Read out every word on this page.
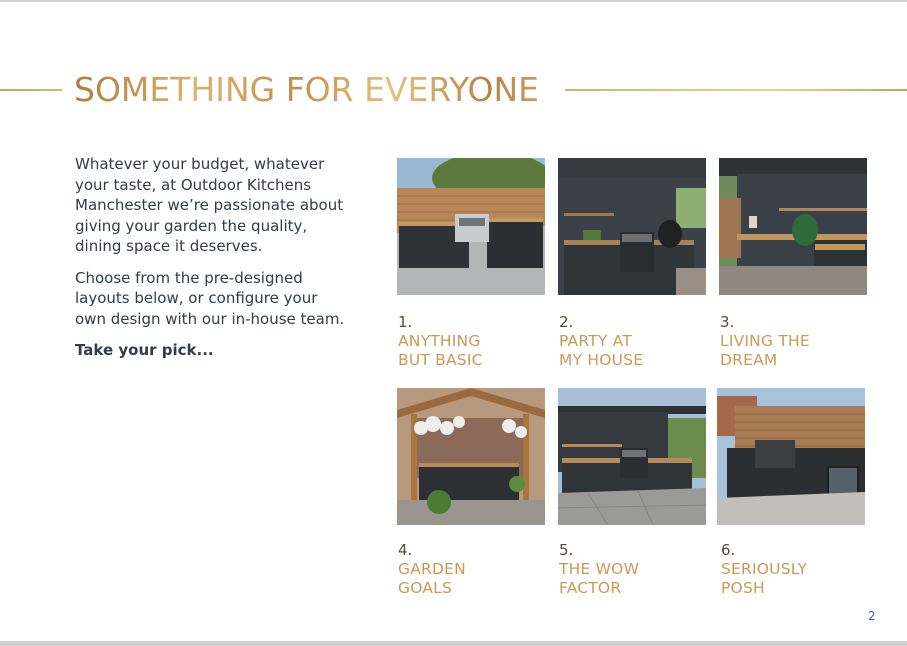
SOMETHING FOR EVERYONE

Whatever your budget, whatever your taste, at Outdoor Kitchens Manchester we’re passionate about giving your garden the quality, dining space it deserves.

Choose from the pre-designed layouts below, or configure your own design with our in-house team.

Take your pick...

1.
ANYTHING
BUT BASIC
2.
PARTY AT
MY HOUSE
3.
LIVING THE
DREAM
4.
GARDEN
GOALS
5.
THE WOW
FACTOR
6.
SERIOUSLY
POSH
2
